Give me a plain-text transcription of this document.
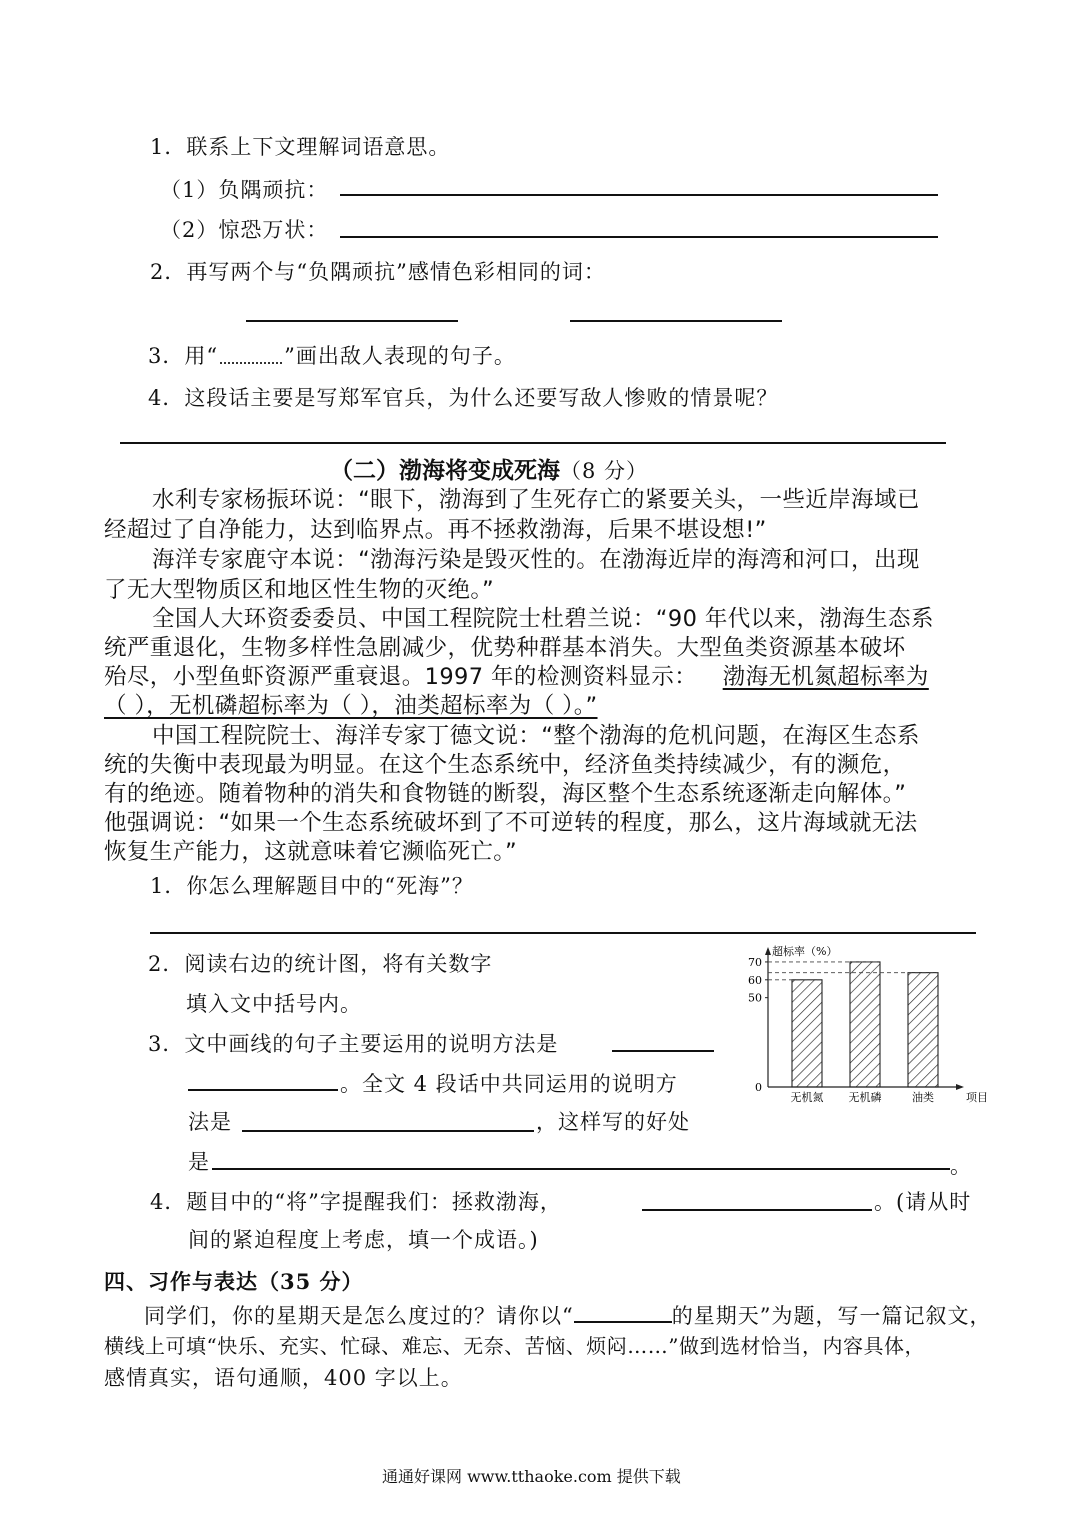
1．联系上下文理解词语意思。
（1）负隅顽抗：
（2）惊恐万状：
2．再写两个与“负隅顽抗”感情色彩相同的词：
3．用“	”画出敌人表现的句子。
4．这段话主要是写郑军官兵，为什么还要写敌人惨败的情景呢？
（二）渤海将变成死海（8 分）
水利专家杨振环说：“眼下，渤海到了生死存亡的紧要关头，一些近岸海域已
经超过了自净能力，达到临界点。再不拯救渤海，后果不堪设想!”
海洋专家鹿守本说：“渤海污染是毁灭性的。在渤海近岸的海湾和河口，出现
了无大型物质区和地区性生物的灭绝。”
全国人大环资委委员、中国工程院院士杜碧兰说：“90 年代以来，渤海生态系
统严重退化，生物多样性急剧减少，优势种群基本消失。大型鱼类资源基本破坏
殆尽，小型鱼虾资源严重衰退。1997 年的检测资料显示： 渤海无机氮超标率为
（ ），无机磷超标率为（ ），油类超标率为（ ）。”
中国工程院院士、海洋专家丁德文说：“整个渤海的危机问题，在海区生态系
统的失衡中表现最为明显。在这个生态系统中，经济鱼类持续减少，有的濒危，
有的绝迹。随着物种的消失和食物链的断裂，海区整个生态系统逐渐走向解体。”
他强调说：“如果一个生态系统破坏到了不可逆转的程度，那么，这片海域就无法
恢复生产能力，这就意味着它濒临死亡。”
1．你怎么理解题目中的“死海”？
2．阅读右边的统计图，将有关数字
填入文中括号内。
3．文中画线的句子主要运用的说明方法是
。全文 4 段话中共同运用的说明方
法是	，这样写的好处
是	。
4．题目中的“将”字提醒我们：拯救渤海，	。(请从时
间的紧迫程度上考虑，填一个成语。)
超标率（%）
项目
0
50
60
70
无机氮 无机磷	油类
四、习作与表达（35 分）
同学们，你的星期天是怎么度过的？请你以“	的星期天”为题，写一篇记叙文，
横线上可填“快乐、充实、忙碌、难忘、无奈、苦恼、烦闷……”做到选材恰当，内容具体，
感情真实，语句通顺，400 字以上。
通通好课网 www.tthaoke.com 提供下载
